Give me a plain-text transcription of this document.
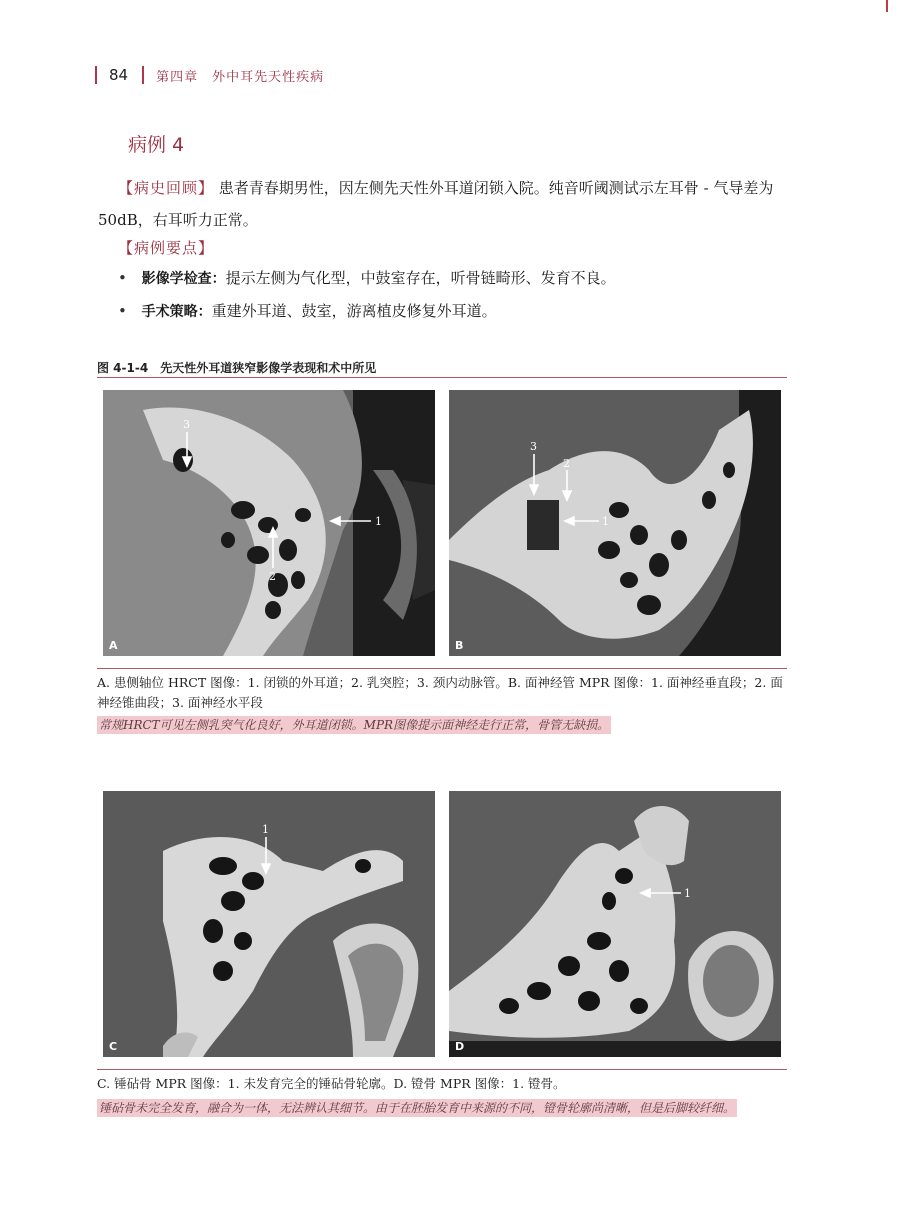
84 第四章　外中耳先天性疾病
病例 4
【病史回顾】 患者青春期男性，因左侧先天性外耳道闭锁入院。纯音听阈测试示左耳骨 - 气导差为 50dB，右耳听力正常。
【病例要点】
• 影像学检查：提示左侧为气化型，中鼓室存在，听骨链畸形、发育不良。
• 手术策略：重建外耳道、鼓室，游离植皮修复外耳道。
图 4-1-4　先天性外耳道狭窄影像学表现和术中所见
1
2
3
A
3
2
1
B
A. 患侧轴位 HRCT 图像：1. 闭锁的外耳道；2. 乳突腔；3. 颈内动脉管。B. 面神经管 MPR 图像：1. 面神经垂直段；2. 面神经锥曲段；3. 面神经水平段
常规HRCT可见左侧乳突气化良好，外耳道闭锁。MPR图像提示面神经走行正常，骨管无缺损。
1
C
1
D
C. 锤砧骨 MPR 图像：1. 未发育完全的锤砧骨轮廓。D. 镫骨 MPR 图像：1. 镫骨。
锤砧骨未完全发育，融合为一体，无法辨认其细节。由于在胚胎发育中来源的不同，镫骨轮廓尚清晰，但是后脚较纤细。
